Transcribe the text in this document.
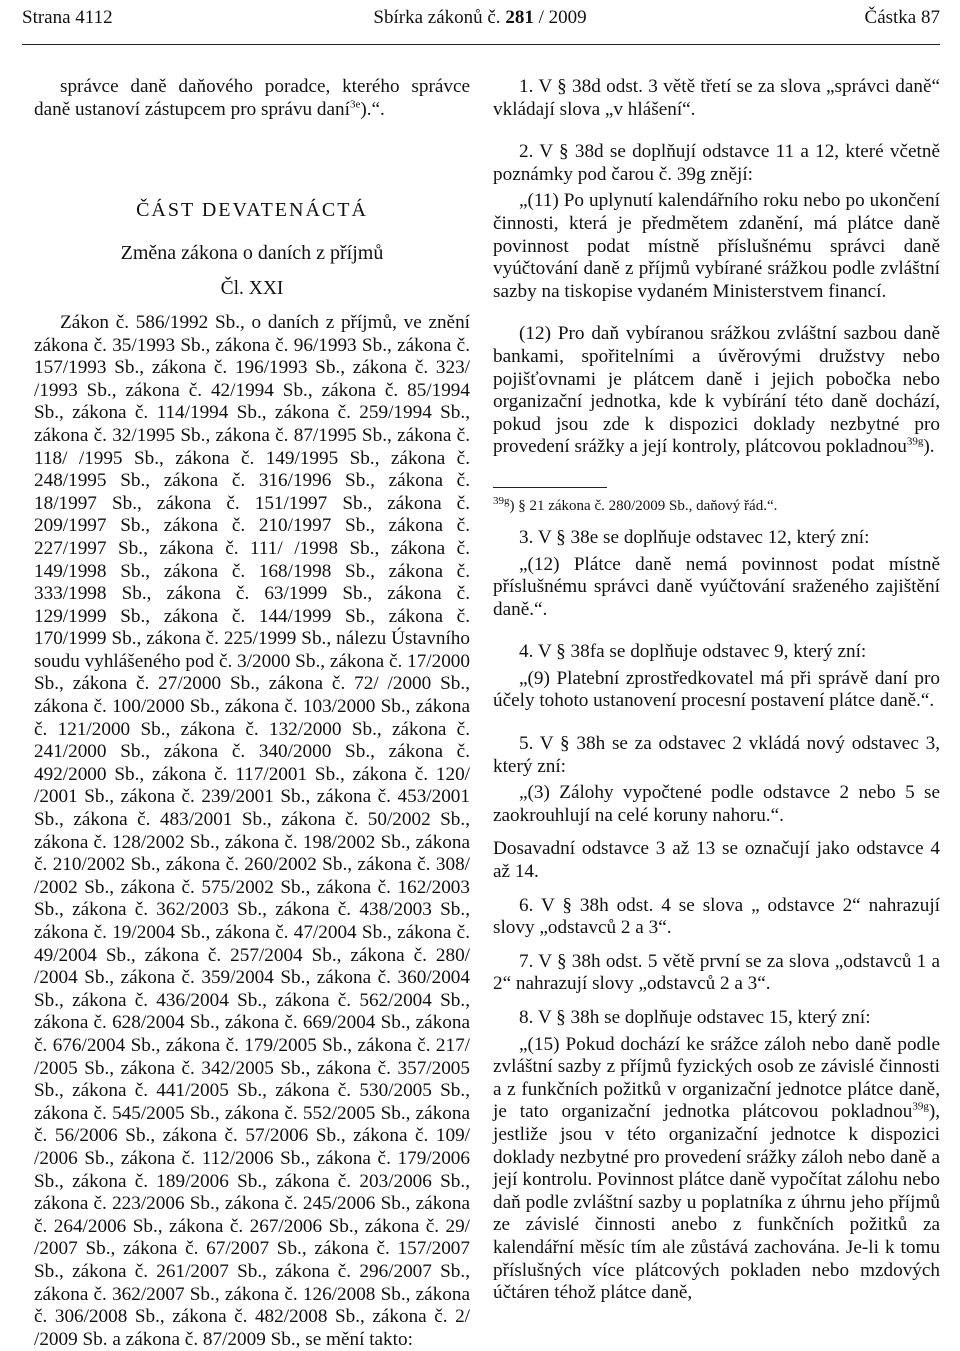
Strana 4112	Sbírka zákonů č. 281 / 2009	Částka 87

správce daně daňového poradce, kterého správce daně ustanoví zástupcem pro správu daní$^{3e}$).“.

ČÁST DEVATENÁCTÁ

Změna zákona o daních z příjmů

Čl. XXI

Zákon č. 586/1992 Sb., o daních z příjmů, ve znění zákona č. 35/1993 Sb., zákona č. 96/1993 Sb., zákona č. 157/1993 Sb., zákona č. 196/1993 Sb., zákona č. 323/ /1993 Sb., zákona č. 42/1994 Sb., zákona č. 85/1994 Sb., zákona č. 114/1994 Sb., zákona č. 259/1994 Sb., zákona č. 32/1995 Sb., zákona č. 87/1995 Sb., zákona č. 118/ /1995 Sb., zákona č. 149/1995 Sb., zákona č. 248/1995 Sb., zákona č. 316/1996 Sb., zákona č. 18/1997 Sb., zákona č. 151/1997 Sb., zákona č. 209/1997 Sb., zákona č. 210/1997 Sb., zákona č. 227/1997 Sb., zákona č. 111/ /1998 Sb., zákona č. 149/1998 Sb., zákona č. 168/1998 Sb., zákona č. 333/1998 Sb., zákona č. 63/1999 Sb., zákona č. 129/1999 Sb., zákona č. 144/1999 Sb., zákona č. 170/1999 Sb., zákona č. 225/1999 Sb., nálezu Ústavního soudu vyhlášeného pod č. 3/2000 Sb., zákona č. 17/2000 Sb., zákona č. 27/2000 Sb., zákona č. 72/ /2000 Sb., zákona č. 100/2000 Sb., zákona č. 103/2000 Sb., zákona č. 121/2000 Sb., zákona č. 132/2000 Sb., zákona č. 241/2000 Sb., zákona č. 340/2000 Sb., zákona č. 492/2000 Sb., zákona č. 117/2001 Sb., zákona č. 120/ /2001 Sb., zákona č. 239/2001 Sb., zákona č. 453/2001 Sb., zákona č. 483/2001 Sb., zákona č. 50/2002 Sb., zákona č. 128/2002 Sb., zákona č. 198/2002 Sb., zákona č. 210/2002 Sb., zákona č. 260/2002 Sb., zákona č. 308/ /2002 Sb., zákona č. 575/2002 Sb., zákona č. 162/2003 Sb., zákona č. 362/2003 Sb., zákona č. 438/2003 Sb., zákona č. 19/2004 Sb., zákona č. 47/2004 Sb., zákona č. 49/2004 Sb., zákona č. 257/2004 Sb., zákona č. 280/ /2004 Sb., zákona č. 359/2004 Sb., zákona č. 360/2004 Sb., zákona č. 436/2004 Sb., zákona č. 562/2004 Sb., zákona č. 628/2004 Sb., zákona č. 669/2004 Sb., zákona č. 676/2004 Sb., zákona č. 179/2005 Sb., zákona č. 217/ /2005 Sb., zákona č. 342/2005 Sb., zákona č. 357/2005 Sb., zákona č. 441/2005 Sb., zákona č. 530/2005 Sb., zákona č. 545/2005 Sb., zákona č. 552/2005 Sb., zákona č. 56/2006 Sb., zákona č. 57/2006 Sb., zákona č. 109/ /2006 Sb., zákona č. 112/2006 Sb., zákona č. 179/2006 Sb., zákona č. 189/2006 Sb., zákona č. 203/2006 Sb., zákona č. 223/2006 Sb., zákona č. 245/2006 Sb., zákona č. 264/2006 Sb., zákona č. 267/2006 Sb., zákona č. 29/ /2007 Sb., zákona č. 67/2007 Sb., zákona č. 157/2007 Sb., zákona č. 261/2007 Sb., zákona č. 296/2007 Sb., zákona č. 362/2007 Sb., zákona č. 126/2008 Sb., zákona č. 306/2008 Sb., zákona č. 482/2008 Sb., zákona č. 2/ /2009 Sb. a zákona č. 87/2009 Sb., se mění takto:

1. V § 38d odst. 3 větě třetí se za slova „správci daně“ vkládají slova „v hlášení“.

2. V § 38d se doplňují odstavce 11 a 12, které včetně poznámky pod čarou č. 39g znějí:

„(11) Po uplynutí kalendářního roku nebo po ukončení činnosti, která je předmětem zdanění, má plátce daně povinnost podat místně příslušnému správci daně vyúčtování daně z příjmů vybírané srážkou podle zvláštní sazby na tiskopise vydaném Ministerstvem financí.

(12) Pro daň vybíranou srážkou zvláštní sazbou daně bankami, spořitelními a úvěrovými družstvy nebo pojišťovnami je plátcem daně i jejich pobočka nebo organizační jednotka, kde k vybírání této daně dochází, pokud jsou zde k dispozici doklady nezbytné pro provedení srážky a její kontroly, plátcovou pokladnou$^{39g}$).

$^{39g}$) § 21 zákona č. 280/2009 Sb., daňový řád.“.

3. V § 38e se doplňuje odstavec 12, který zní:

„(12) Plátce daně nemá povinnost podat místně příslušnému správci daně vyúčtování sraženého zajištění daně.“.

4. V § 38fa se doplňuje odstavec 9, který zní:

„(9) Platební zprostředkovatel má při správě daní pro účely tohoto ustanovení procesní postavení plátce daně.“.

5. V § 38h se za odstavec 2 vkládá nový odstavec 3, který zní:

„(3) Zálohy vypočtené podle odstavce 2 nebo 5 se zaokrouhlují na celé koruny nahoru.“.

Dosavadní odstavce 3 až 13 se označují jako odstavce 4 až 14.

6. V § 38h odst. 4 se slova „ odstavce 2“ nahrazují slovy „odstavců 2 a 3“.

7. V § 38h odst. 5 větě první se za slova „odstavců 1 a 2“ nahrazují slovy „odstavců 2 a 3“.

8. V § 38h se doplňuje odstavec 15, který zní:

„(15) Pokud dochází ke srážce záloh nebo daně podle zvláštní sazby z příjmů fyzických osob ze závislé činnosti a z funkčních požitků v organizační jednotce plátce daně, je tato organizační jednotka plátcovou pokladnou$^{39g}$), jestliže jsou v této organizační jednotce k dispozici doklady nezbytné pro provedení srážky záloh nebo daně a její kontrolu. Povinnost plátce daně vypočítat zálohu nebo daň podle zvláštní sazby u poplatníka z úhrnu jeho příjmů ze závislé činnosti anebo z funkčních požitků za kalendářní měsíc tím ale zůstává zachována. Je-li k tomu příslušných více plátcových pokladen nebo mzdových účtáren téhož plátce daně,
